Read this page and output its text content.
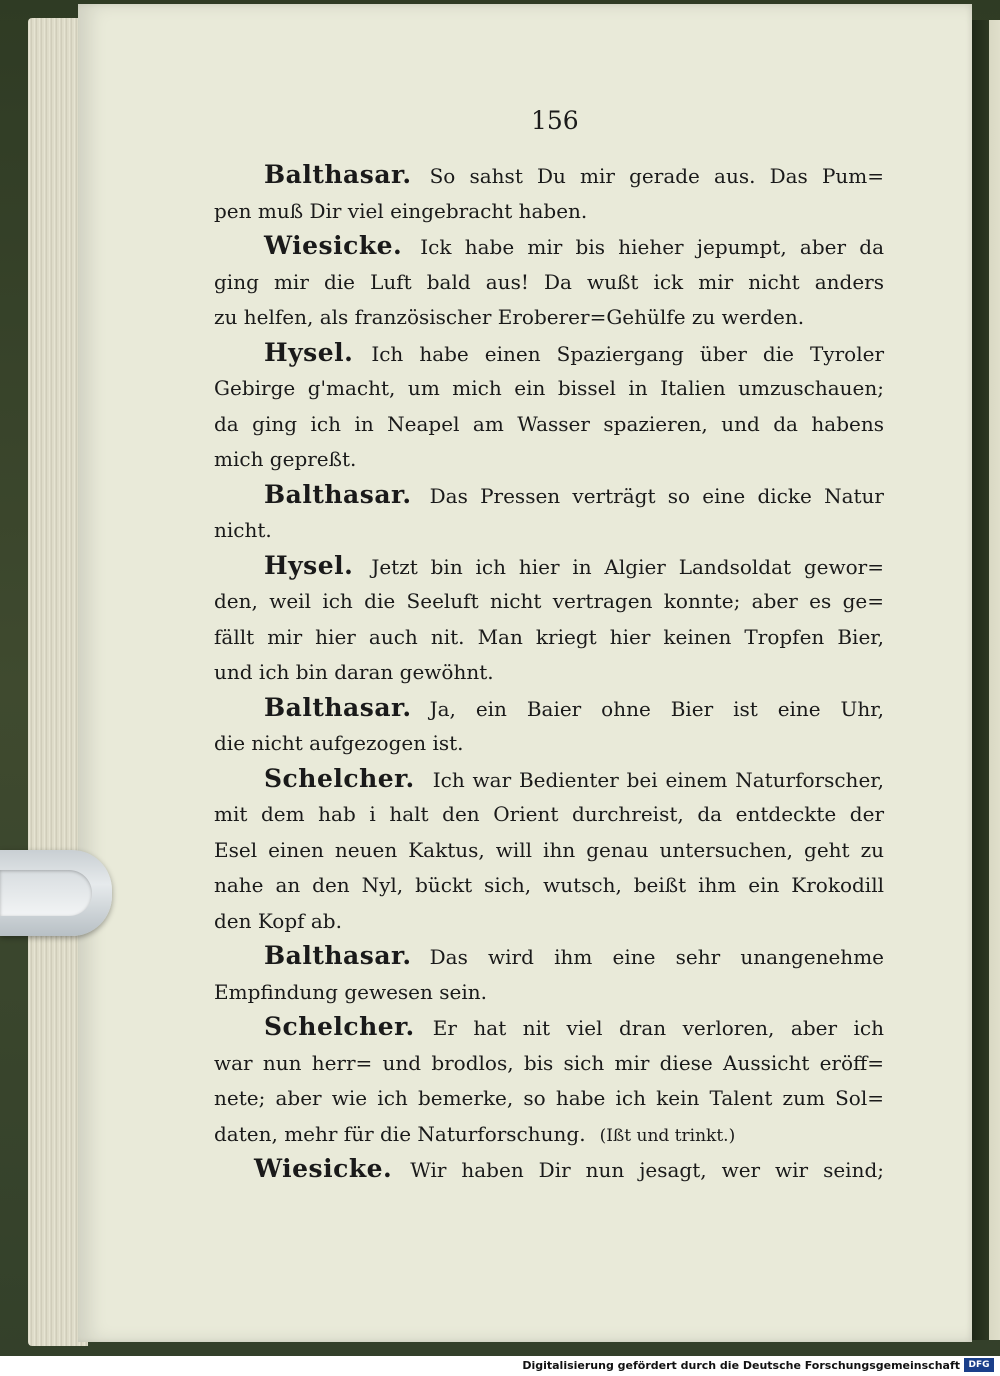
156
Balthasar. So sahst Du mir gerade aus. Das Pum=
pen muß Dir viel eingebracht haben.
Wiesicke. Ick habe mir bis hieher jepumpt, aber da
ging mir die Luft bald aus! Da wußt ick mir nicht anders
zu helfen, als französischer Eroberer=Gehülfe zu werden.
Hysel. Ich habe einen Spaziergang über die Tyroler
Gebirge g'macht, um mich ein bissel in Italien umzuschauen;
da ging ich in Neapel am Wasser spazieren, und da habens
mich gepreßt.
Balthasar. Das Pressen verträgt so eine dicke Natur
nicht.
Hysel. Jetzt bin ich hier in Algier Landsoldat gewor=
den, weil ich die Seeluft nicht vertragen konnte; aber es ge=
fällt mir hier auch nit. Man kriegt hier keinen Tropfen Bier,
und ich bin daran gewöhnt.
Balthasar. Ja, ein Baier ohne Bier ist eine Uhr,
die nicht aufgezogen ist.
Schelcher. Ich war Bedienter bei einem Naturforscher,
mit dem hab i halt den Orient durchreist, da entdeckte der
Esel einen neuen Kaktus, will ihn genau untersuchen, geht zu
nahe an den Nyl, bückt sich, wutsch, beißt ihm ein Krokodill
den Kopf ab.
Balthasar. Das wird ihm eine sehr unangenehme
Empfindung gewesen sein.
Schelcher. Er hat nit viel dran verloren, aber ich
war nun herr= und brodlos, bis sich mir diese Aussicht eröff=
nete; aber wie ich bemerke, so habe ich kein Talent zum Sol=
daten, mehr für die Naturforschung. (Ißt und trinkt.)
Wiesicke. Wir haben Dir nun jesagt, wer wir seind;
Digitalisierung gefördert durch die Deutsche Forschungsgemeinschaft DFG
